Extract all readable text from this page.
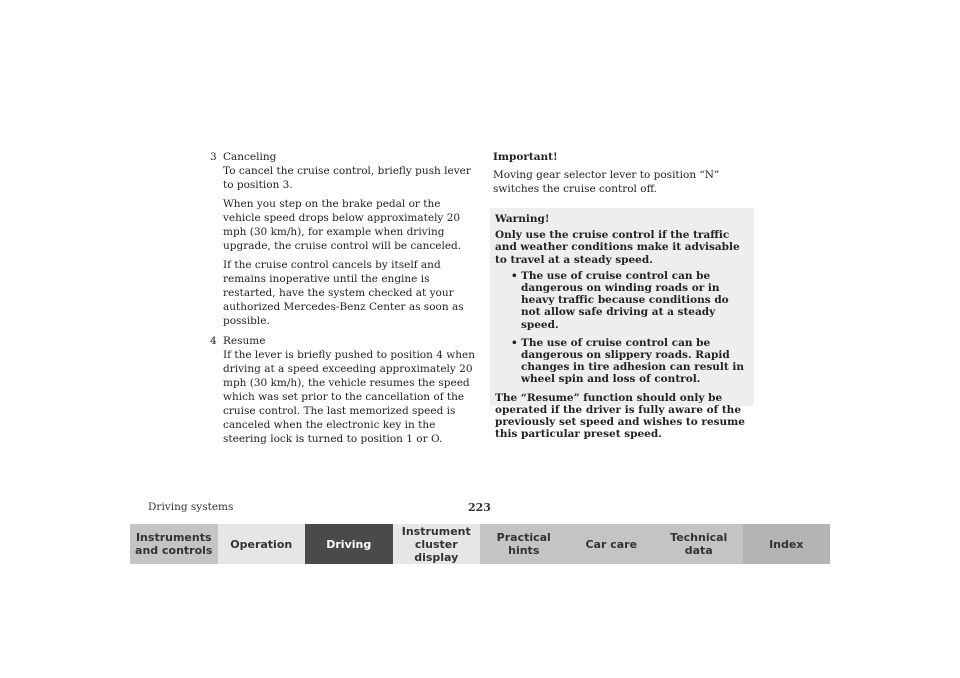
3 Canceling

To cancel the cruise control, briefly push lever to position 3.

When you step on the brake pedal or the vehicle speed drops below approximately 20 mph (30 km/h), for example when driving upgrade, the cruise control will be canceled.

If the cruise control cancels by itself and remains inoperative until the engine is restarted, have the system checked at your authorized Mercedes-Benz Center as soon as possible.

4 Resume

If the lever is briefly pushed to position 4 when driving at a speed exceeding approximately 20 mph (30 km/h), the vehicle resumes the speed which was set prior to the cancellation of the cruise control. The last memorized speed is canceled when the electronic key in the steering lock is turned to position 1 or O.

Important!

Moving gear selector lever to position “N” switches the cruise control off.

Warning!

Only use the cruise control if the traffic and weather conditions make it advisable to travel at a steady speed.

• The use of cruise control can be dangerous on winding roads or in heavy traffic because conditions do not allow safe driving at a steady speed.
• The use of cruise control can be dangerous on slippery roads. Rapid changes in tire adhesion can result in wheel spin and loss of control.

The “Resume” function should only be operated if the driver is fully aware of the previously set speed and wishes to resume this particular preset speed.

Driving systems	223
Instruments
and controls	Operation	Driving
Instrument
cluster display
Practical hints	Car care	Technical
data	Index
